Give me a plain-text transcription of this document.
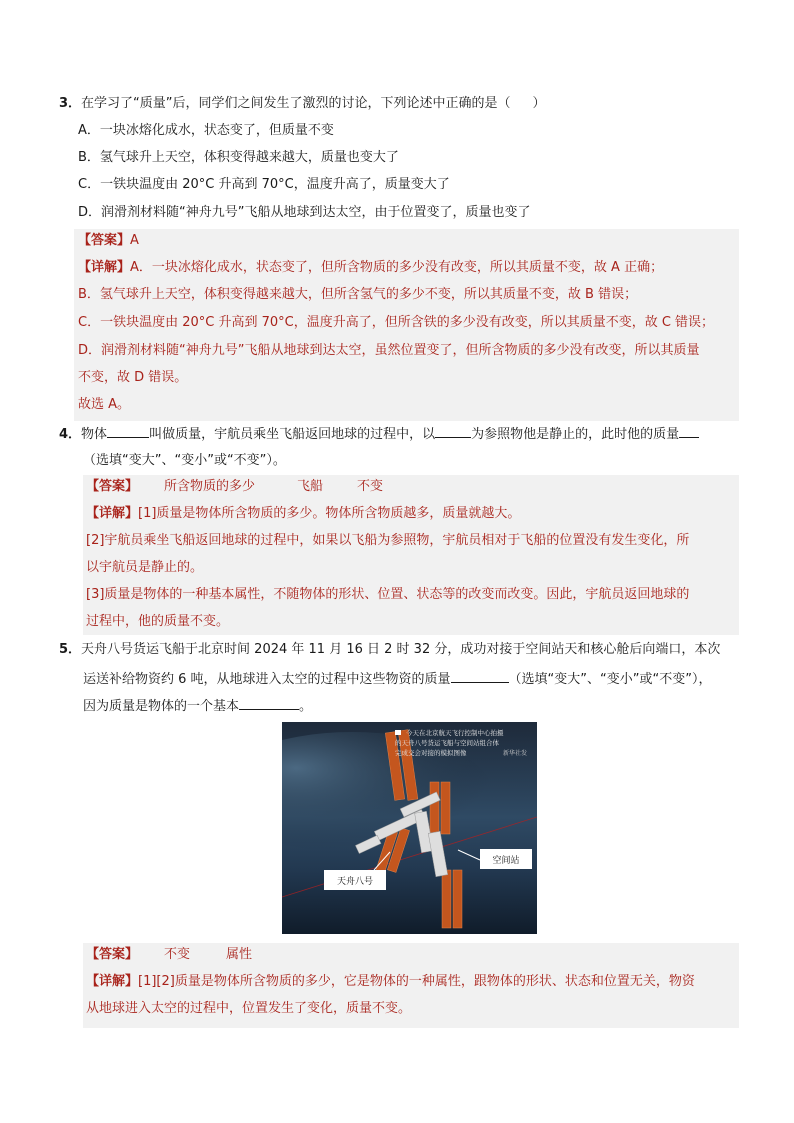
3．在学习了“质量”后，同学们之间发生了激烈的讨论，下列论述中正确的是（ ）
A．一块冰熔化成水，状态变了，但质量不变
B．氢气球升上天空，体积变得越来越大，质量也变大了
C．一铁块温度由 20°C 升高到 70°C，温度升高了，质量变大了
D．润滑剂材料随“神舟九号”飞船从地球到达太空，由于位置变了，质量也变了
【答案】A
【详解】A．一块冰熔化成水，状态变了，但所含物质的多少没有改变，所以其质量不变，故 A 正确；
B．氢气球升上天空，体积变得越来越大，但所含氢气的多少不变，所以其质量不变，故 B 错误；
C．一铁块温度由 20°C 升高到 70°C，温度升高了，但所含铁的多少没有改变，所以其质量不变，故 C 错误；
D．润滑剂材料随“神舟九号”飞船从地球到达太空，虽然位置变了，但所含物质的多少没有改变，所以其质量
不变，故 D 错误。
故选 A。
4．物体	叫做质量，宇航员乘坐飞船返回地球的过程中，以	为参照物他是静止的，此时他的质量
（选填“变大”、“变小”或“不变”）。
【答案】 所含物质的多少	飞船	不变
【详解】[1]质量是物体所含物质的多少。物体所含物质越多，质量就越大。
[2]宇航员乘坐飞船返回地球的过程中，如果以飞船为参照物，宇航员相对于飞船的位置没有发生变化，所
以宇航员是静止的。
[3]质量是物体的一种基本属性，不随物体的形状、位置、状态等的改变而改变。因此，宇航员返回地球的
过程中，他的质量不变。
5．天舟八号货运飞船于北京时间 2024 年 11 月 16 日 2 时 32 分，成功对接于空间站天和核心舱后向端口，本次
运送补给物资约 6 吨，从地球进入太空的过程中这些物资的质量	（选填“变大”、“变小”或“不变”），
因为质量是物体的一个基本	。
今天在北京航天飞行控制中心拍摄
的天舟八号货运飞船与空间站组合体
完成交会对接的模拟图像	新华社发
空间站
天舟八号
【答案】 不变	属性
【详解】[1][2]质量是物体所含物质的多少，它是物体的一种属性，跟物体的形状、状态和位置无关，物资
从地球进入太空的过程中，位置发生了变化，质量不变。
